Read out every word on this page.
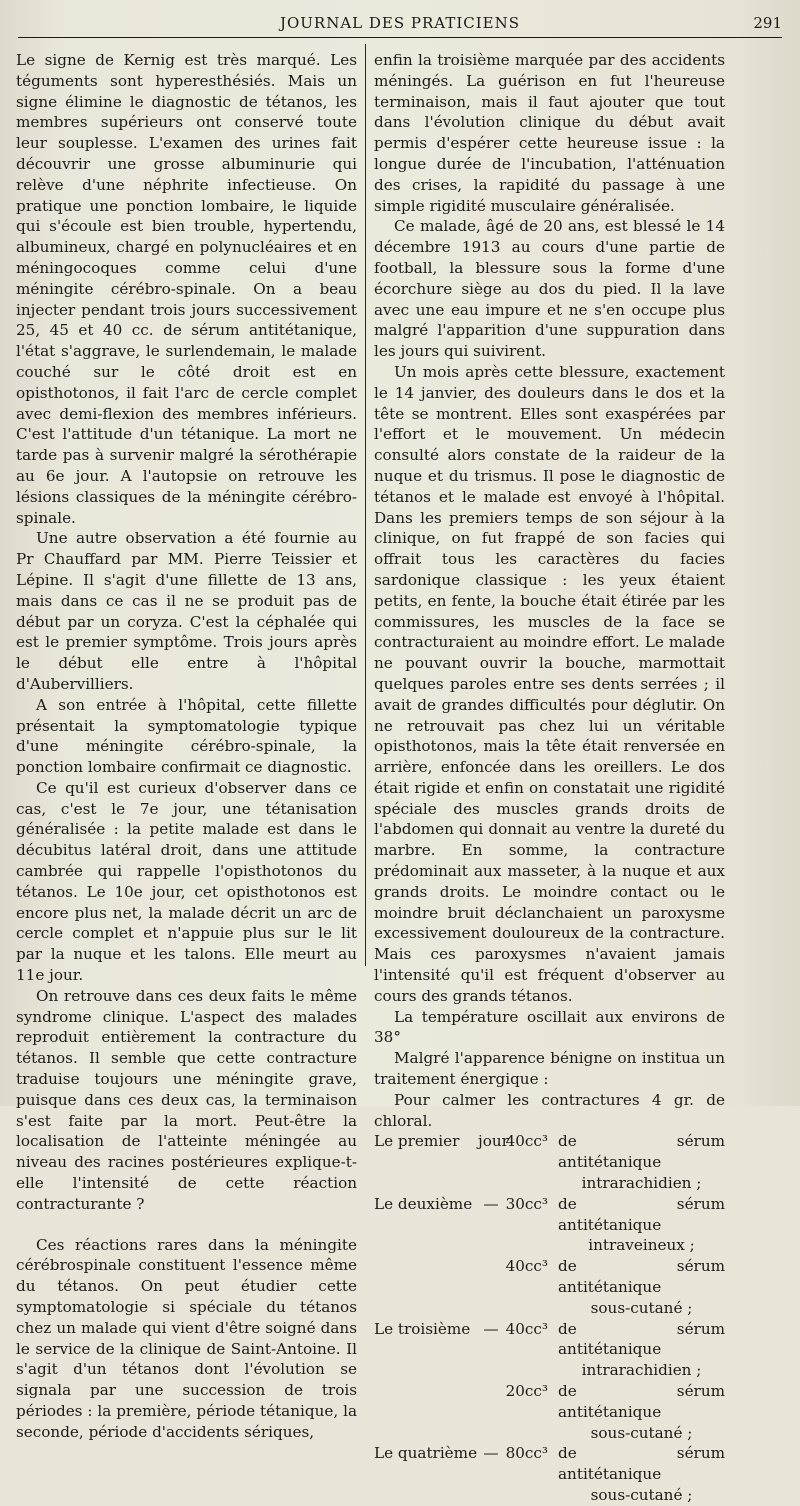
JOURNAL DES PRATICIENS	291

Le signe de Kernig est très marqué. Les téguments sont hyperesthésiés. Mais un signe élimine le diagnostic de tétanos, les membres supérieurs ont conservé toute leur souplesse. L'examen des urines fait découvrir une grosse albuminurie qui relève d'une néphrite infectieuse. On pratique une ponction lombaire, le liquide qui s'écoule est bien trouble, hypertendu, albumineux, chargé en polynucléaires et en méningocoques comme celui d'une méningite cérébro-spinale. On a beau injecter pendant trois jours successivement 25, 45 et 40 cc. de sérum antitétanique, l'état s'aggrave, le surlendemain, le malade couché sur le côté droit est en opisthotonos, il fait l'arc de cercle complet avec demi-flexion des membres inférieurs. C'est l'attitude d'un tétanique. La mort ne tarde pas à survenir malgré la sérothérapie au 6e jour. A l'autopsie on retrouve les lésions classiques de la méningite cérébro-spinale.

Une autre observation a été fournie au Pr Chauffard par MM. Pierre Teissier et Lépine. Il s'agit d'une fillette de 13 ans, mais dans ce cas il ne se produit pas de début par un coryza. C'est la céphalée qui est le premier symptôme. Trois jours après le début elle entre à l'hôpital d'Aubervilliers.

A son entrée à l'hôpital, cette fillette présentait la symptomatologie typique d'une méningite cérébro-spinale, la ponction lombaire confirmait ce diagnostic.

Ce qu'il est curieux d'observer dans ce cas, c'est le 7e jour, une tétanisation généralisée : la petite malade est dans le décubitus latéral droit, dans une attitude cambrée qui rappelle l'opisthotonos du tétanos. Le 10e jour, cet opisthotonos est encore plus net, la malade décrit un arc de cercle complet et n'appuie plus sur le lit par la nuque et les talons. Elle meurt au 11e jour.

On retrouve dans ces deux faits le même syndrome clinique. L'aspect des malades reproduit entièrement la contracture du tétanos. Il semble que cette contracture traduise toujours une méningite grave, puisque dans ces deux cas, la terminaison s'est faite par la mort. Peut-être la localisation de l'atteinte méningée au niveau des racines postérieures explique-t-elle l'intensité de cette réaction contracturante ?

Ces réactions rares dans la méningite cérébrospinale constituent l'essence même du tétanos. On peut étudier cette symptomatologie si spéciale du tétanos chez un malade qui vient d'être soigné dans le service de la clinique de Saint-Antoine. Il s'agit d'un tétanos dont l'évolution se signala par une succession de trois périodes : la première, période tétanique, la seconde, période d'accidents sériques,

enfin la troisième marquée par des accidents méningés. La guérison en fut l'heureuse terminaison, mais il faut ajouter que tout dans l'évolution clinique du début avait permis d'espérer cette heureuse issue : la longue durée de l'incubation, l'atténuation des crises, la rapidité du passage à une simple rigidité musculaire généralisée.

Ce malade, âgé de 20 ans, est blessé le 14 décembre 1913 au cours d'une partie de football, la blessure sous la forme d'une écorchure siège au dos du pied. Il la lave avec une eau impure et ne s'en occupe plus malgré l'apparition d'une suppuration dans les jours qui suivirent.

Un mois après cette blessure, exactement le 14 janvier, des douleurs dans le dos et la tête se montrent. Elles sont exaspérées par l'effort et le mouvement. Un médecin consulté alors constate de la raideur de la nuque et du trismus. Il pose le diagnostic de tétanos et le malade est envoyé à l'hôpital. Dans les premiers temps de son séjour à la clinique, on fut frappé de son facies qui offrait tous les caractères du facies sardonique classique : les yeux étaient petits, en fente, la bouche était étirée par les commissures, les muscles de la face se contracturaient au moindre effort. Le malade ne pouvant ouvrir la bouche, marmottait quelques paroles entre ses dents serrées ; il avait de grandes difficultés pour déglutir. On ne retrouvait pas chez lui un véritable opisthotonos, mais la tête était renversée en arrière, enfoncée dans les oreillers. Le dos était rigide et enfin on constatait une rigidité spéciale des muscles grands droits de l'abdomen qui donnait au ventre la dureté du marbre. En somme, la contracture prédominait aux masseter, à la nuque et aux grands droits. Le moindre contact ou le moindre bruit déclanchaient un paroxysme excessivement douloureux de la contracture. Mais ces paroxysmes n'avaient jamais l'intensité qu'il est fréquent d'observer au cours des grands tétanos.

La température oscillait aux environs de 38°

Malgré l'apparence bénigne on institua un traitement énergique :

Pour calmer les contractures 4 gr. de chloral.

Le premier	jour
40cc³ de sérum antitétanique
intrarachidien ;
Le deuxième — 30cc³ de sérum antitétanique
intraveineux ;
40cc³ de sérum antitétanique
sous-cutané ;
Le troisième — 40cc³ de sérum antitétanique
intrarachidien ;
20cc³ de sérum antitétanique
sous-cutané ;
Le quatrième — 80cc³ de sérum antitétanique
sous-cutané ;
